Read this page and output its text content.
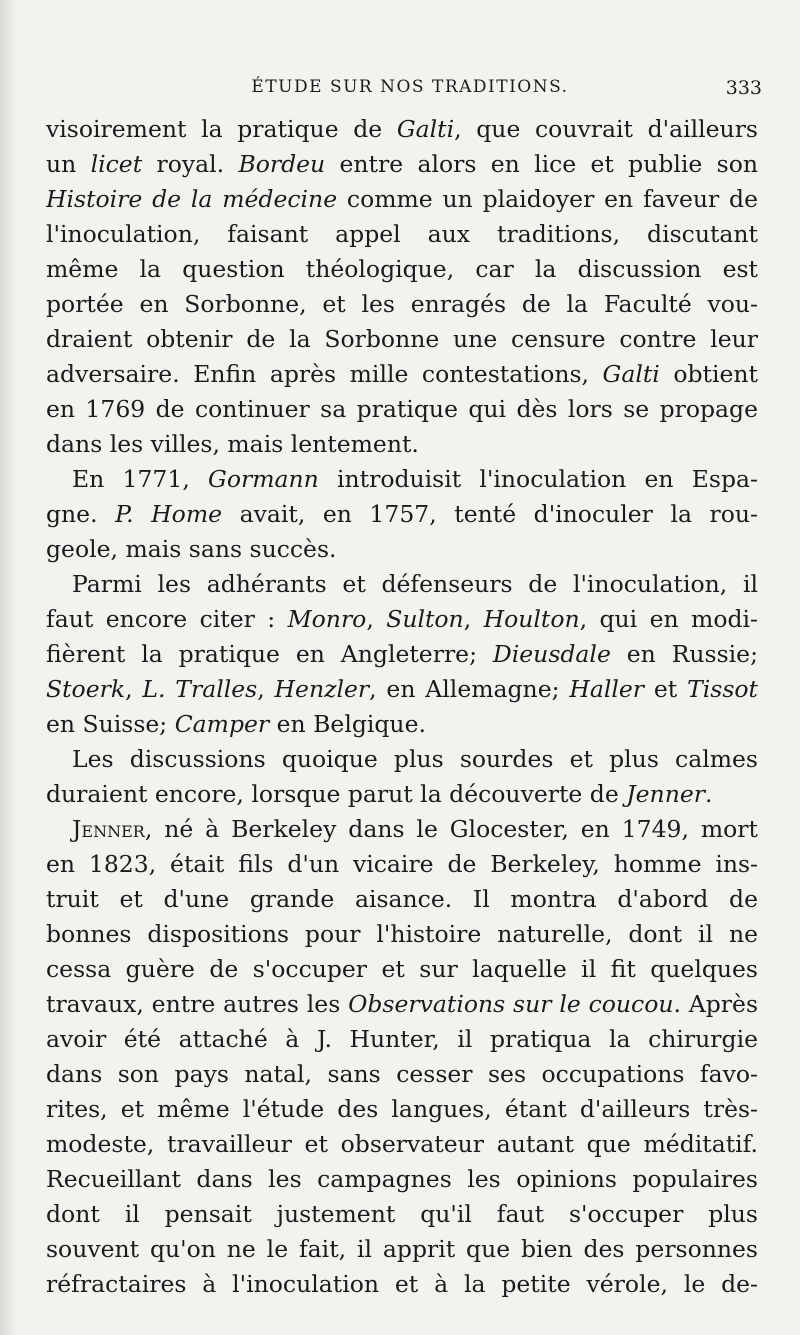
ÉTUDE SUR NOS TRADITIONS.	333
visoirement la pratique de Galti, que couvrait d'ailleurs
un licet royal. Bordeu entre alors en lice et publie son
Histoire de la médecine comme un plaidoyer en faveur de
l'inoculation, faisant appel aux traditions, discutant
même la question théologique, car la discussion est
portée en Sorbonne, et les enragés de la Faculté vou-
draient obtenir de la Sorbonne une censure contre leur
adversaire. Enfin après mille contestations, Galti obtient
en 1769 de continuer sa pratique qui dès lors se propage
dans les villes, mais lentement.
En 1771, Gormann introduisit l'inoculation en Espa-
gne. P. Home avait, en 1757, tenté d'inoculer la rou-
geole, mais sans succès.
Parmi les adhérants et défenseurs de l'inoculation, il
faut encore citer : Monro, Sulton, Houlton, qui en modi-
fièrent la pratique en Angleterre; Dieusdale en Russie;
Stoerk, L. Tralles, Henzler, en Allemagne; Haller et Tissot
en Suisse; Camper en Belgique.
Les discussions quoique plus sourdes et plus calmes
duraient encore, lorsque parut la découverte de Jenner.
Jenner, né à Berkeley dans le Glocester, en 1749, mort
en 1823, était fils d'un vicaire de Berkeley, homme ins-
truit et d'une grande aisance. Il montra d'abord de
bonnes dispositions pour l'histoire naturelle, dont il ne
cessa guère de s'occuper et sur laquelle il fit quelques
travaux, entre autres les Observations sur le coucou. Après
avoir été attaché à J. Hunter, il pratiqua la chirurgie
dans son pays natal, sans cesser ses occupations favo-
rites, et même l'étude des langues, étant d'ailleurs très-
modeste, travailleur et observateur autant que méditatif.
Recueillant dans les campagnes les opinions populaires
dont il pensait justement qu'il faut s'occuper plus
souvent qu'on ne le fait, il apprit que bien des personnes
réfractaires à l'inoculation et à la petite vérole, le de-
